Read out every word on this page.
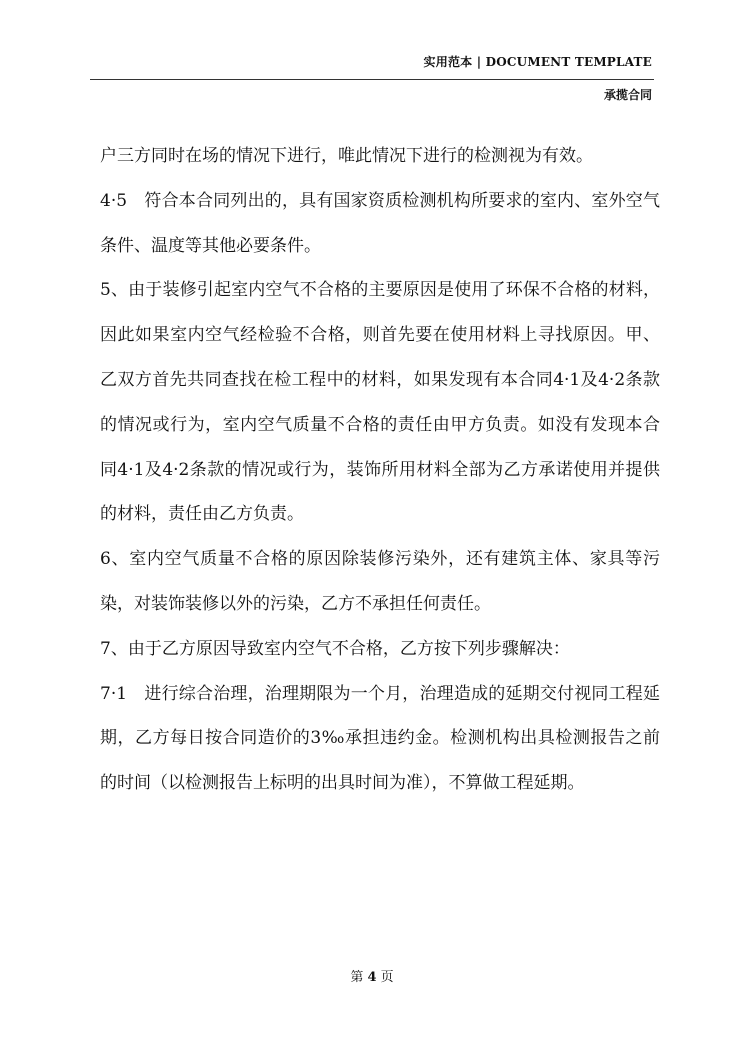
实用范本 | DOCUMENT TEMPLATE
承揽合同

户三方同时在场的情况下进行，唯此情况下进行的检测视为有效。

4·5　符合本合同列出的，具有国家资质检测机构所要求的室内、室外空气条件、温度等其他必要条件。

5、由于装修引起室内空气不合格的主要原因是使用了环保不合格的材料，因此如果室内空气经检验不合格，则首先要在使用材料上寻找原因。甲、乙双方首先共同查找在检工程中的材料，如果发现有本合同4·1及4·2条款的情况或行为，室内空气质量不合格的责任由甲方负责。如没有发现本合同4·1及4·2条款的情况或行为，装饰所用材料全部为乙方承诺使用并提供的材料，责任由乙方负责。

6、室内空气质量不合格的原因除装修污染外，还有建筑主体、家具等污染，对装饰装修以外的污染，乙方不承担任何责任。

7、由于乙方原因导致室内空气不合格，乙方按下列步骤解决：

7·1　进行综合治理，治理期限为一个月，治理造成的延期交付视同工程延期，乙方每日按合同造价的3‰承担违约金。检测机构出具检测报告之前的时间（以检测报告上标明的出具时间为准），不算做工程延期。

第 4 页
